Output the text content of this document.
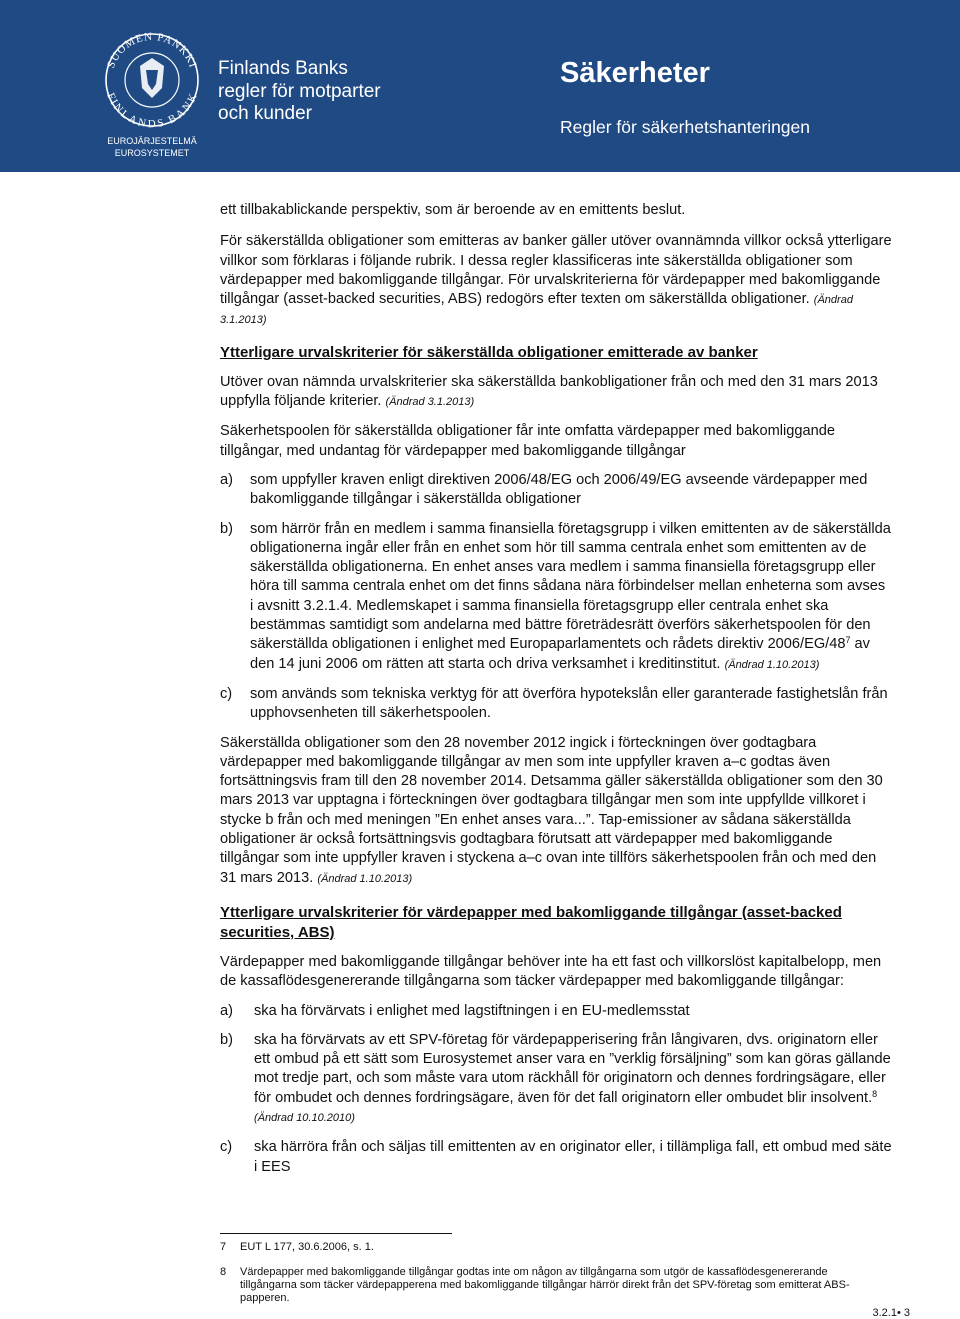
SUOMEN PANKKI
FINLANDS BANK
EUROJÄRJESTELMÄ
EUROSYSTEMET
Finlands Banks
regler för motparter
och kunder
Säkerheter
Regler för säkerhetshanteringen

ett tillbakablickande perspektiv, som är beroende av en emittents beslut.

För säkerställda obligationer som emitteras av banker gäller utöver ovannämnda villkor också ytterligare villkor som förklaras i följande rubrik. I dessa regler klassificeras inte säkerställda obligationer som värdepapper med bakomliggande tillgångar. För urvalskriterierna för värdepapper med bakomliggande tillgångar (asset-backed securities, ABS) redogörs efter texten om säkerställda obligationer. (Ändrad 3.1.2013)

Ytterligare urvalskriterier för säkerställda obligationer emitterade av banker

Utöver ovan nämnda urvalskriterier ska säkerställda bankobligationer från och med den 31 mars 2013 uppfylla följande kriterier. (Ändrad 3.1.2013)

Säkerhetspoolen för säkerställda obligationer får inte omfatta värdepapper med bakomliggande tillgångar, med undantag för värdepapper med bakomliggande tillgångar

a)	som uppfyller kraven enligt direktiven 2006/48/EG och 2006/49/EG avseende värdepapper med bakomliggande tillgångar i säkerställda obligationer
b)	som härrör från en medlem i samma finansiella företagsgrupp i vilken emittenten av de säkerställda obligationerna ingår eller från en enhet som hör till samma centrala enhet som emittenten av de säkerställda obligationerna. En enhet anses vara medlem i samma finansiella företagsgrupp eller höra till samma centrala enhet om det finns sådana nära förbindelser mellan enheterna som avses i avsnitt 3.2.1.4. Medlemskapet i samma finansiella företagsgrupp eller centrala enhet ska bestämmas samtidigt som andelarna med bättre företrädesrätt överförs säkerhetspoolen för den säkerställda obligationen i enlighet med Europaparlamentets och rådets direktiv $2006/EG/48^7$ av den 14 juni 2006 om rätten att starta och driva verksamhet i kreditinstitut. (Ändrad 1.10.2013)
c)	som används som tekniska verktyg för att överföra hypotekslån eller garanterade fastighetslån från upphovsenheten till säkerhetspoolen.

Säkerställda obligationer som den 28 november 2012 ingick i förteckningen över godtagbara värdepapper med bakomliggande tillgångar av men som inte uppfyller kraven a–c godtas även fortsättningsvis fram till den 28 november 2014. Detsamma gäller säkerställda obligationer som den 30 mars 2013 var upptagna i förteckningen över godtagbara tillgångar men som inte uppfyllde villkoret i stycke b från och med meningen ”En enhet anses vara...”. Tap-emissioner av sådana säkerställda obligationer är också fortsättningsvis godtagbara förutsatt att värdepapper med bakomliggande tillgångar som inte uppfyller kraven i styckena a–c ovan inte tillförs säkerhetspoolen från och med den 31 mars 2013. (Ändrad 1.10.2013)

Ytterligare urvalskriterier för värdepapper med bakomliggande tillgångar (asset-backed securities, ABS)

Värdepapper med bakomliggande tillgångar behöver inte ha ett fast och villkorslöst kapitalbelopp, men de kassaflödesgenererande tillgångarna som täcker värdepapper med bakomliggande tillgångar:

a)	ska ha förvärvats i enlighet med lagstiftningen i en EU-medlemsstat
b)	ska ha förvärvats av ett SPV-företag för värdepapperisering från långivaren, dvs. originatorn eller ett ombud på ett sätt som Eurosystemet anser vara en ”verklig försäljning” som kan göras gällande mot tredje part, och som måste vara utom räckhåll för originatorn och dennes fordringsägare, eller för ombudet och dennes fordringsägare, även för det fall originatorn eller ombudet blir insolvent.$^8$ (Ändrad 10.10.2010)
c)	ska härröra från och säljas till emittenten av en originator eller, i tillämpliga fall, ett ombud med säte i EES
7	EUT L 177, 30.6.2006, s. 1.
8	Värdepapper med bakomliggande tillgångar godtas inte om någon av tillgångarna som utgör de kassaflödesgenererande tillgångarna som täcker värdepapperena med bakomliggande tillgångar härrör direkt från det SPV-företag som emitterat ABS-papperen.
3.2.1• 3
